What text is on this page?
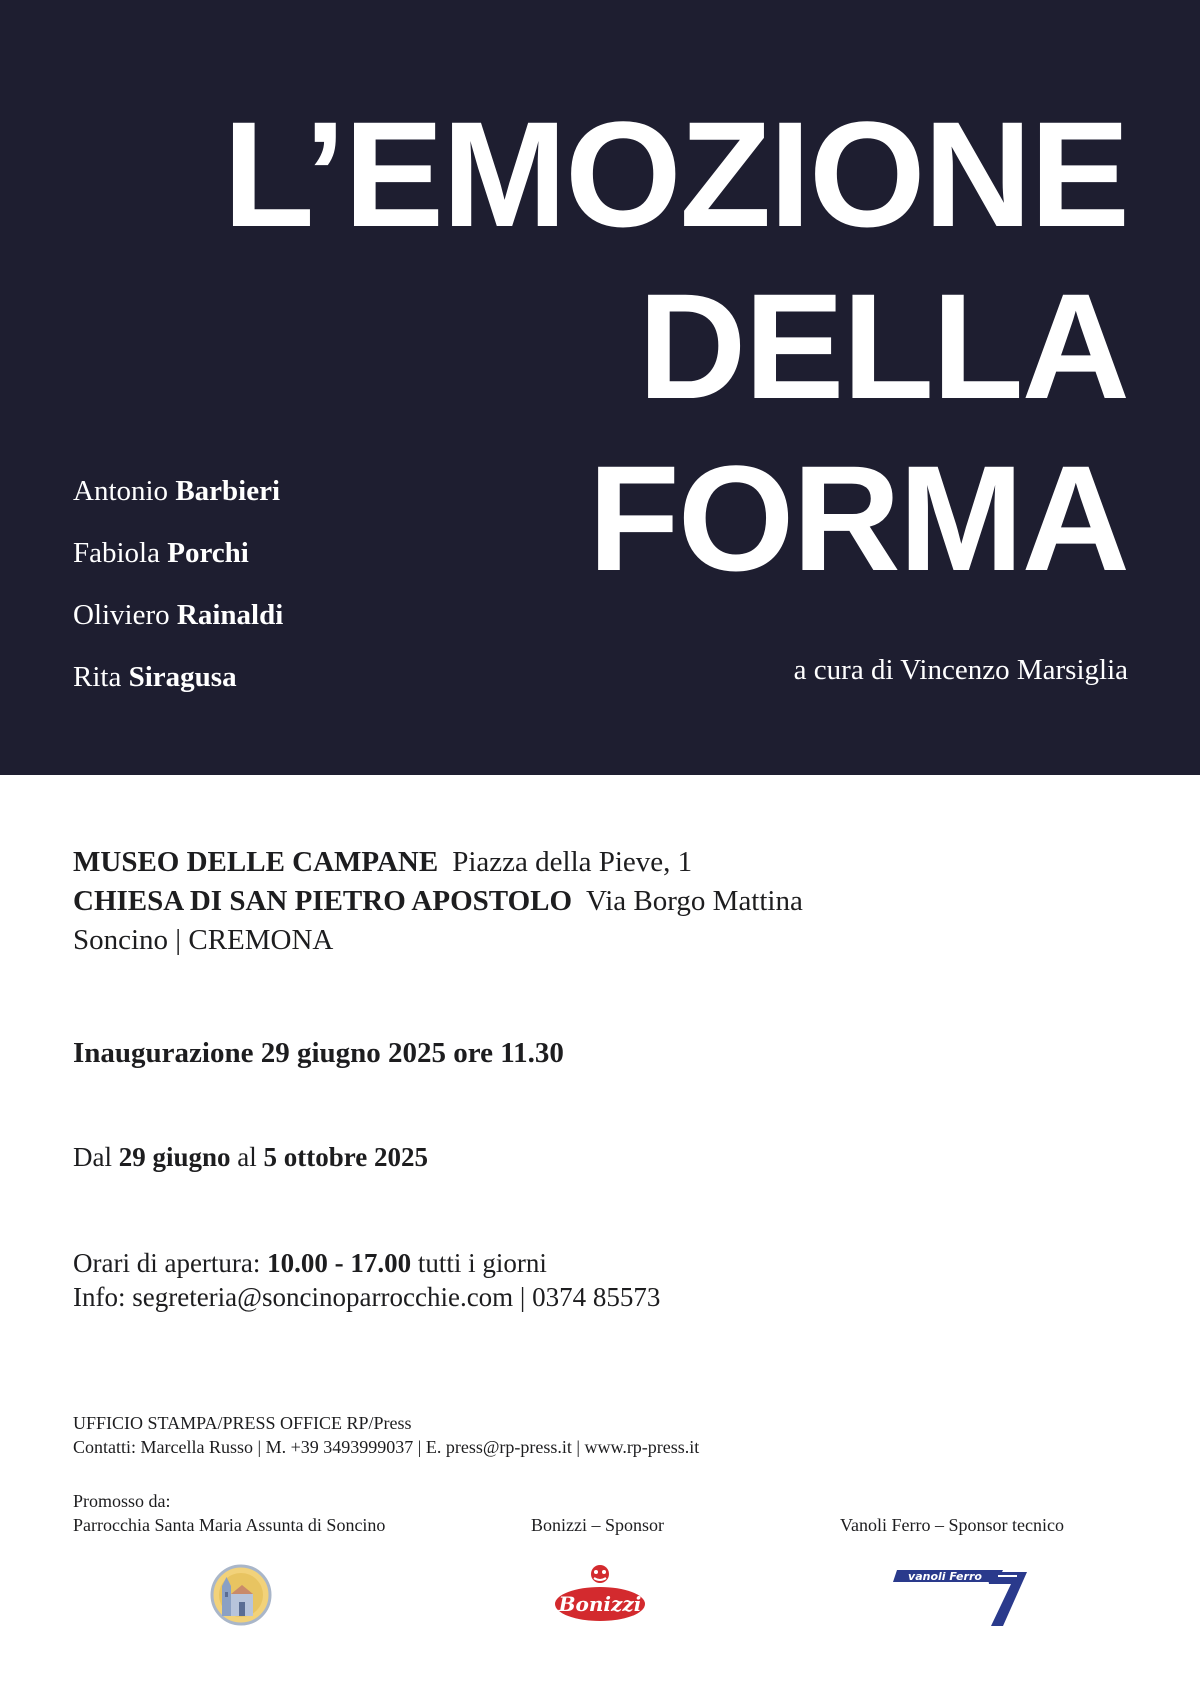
L’EMOZIONE
DELLA
FORMA
Antonio Barbieri
Fabiola Porchi
Oliviero Rainaldi
Rita Siragusa	a cura di Vincenzo Marsiglia
MUSEO DELLE CAMPANE Piazza della Pieve, 1
CHIESA DI SAN PIETRO APOSTOLO Via Borgo Mattina
Soncino | CREMONA
Inaugurazione 29 giugno 2025 ore 11.30
Dal 29 giugno al 5 ottobre 2025
Orari di apertura: 10.00 - 17.00 tutti i giorni
Info: segreteria@soncinoparrocchie.com | 0374 85573
UFFICIO STAMPA/PRESS OFFICE RP/Press
Contatti: Marcella Russo | M. +39 3493999037 | E. press@rp-press.it | www.rp-press.it
Promosso da:
Parrocchia Santa Maria Assunta di Soncino	Bonizzi – Sponsor	Vanoli Ferro – Sponsor tecnico
Bonizzi
vanoli Ferro
